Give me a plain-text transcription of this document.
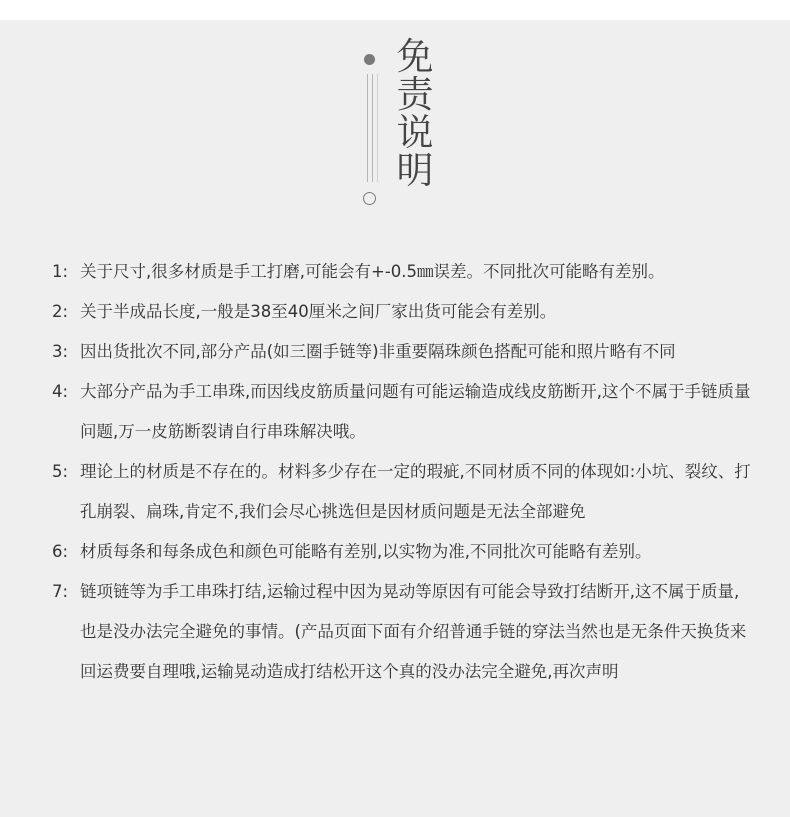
免
责
说
明
1: 关于尺寸,很多材质是手工打磨,可能会有+-0.5㎜误差。不同批次可能略有差别。
2: 关于半成品长度,一般是38至40厘米之间厂家出货可能会有差别。
3: 因出货批次不同,部分产品(如三圈手链等)非重要隔珠颜色搭配可能和照片略有不同
4: 大部分产品为手工串珠,而因线皮筋质量问题有可能运输造成线皮筋断开,这个不属于手链质量问题,万一皮筋断裂请自行串珠解决哦。
5: 理论上的材质是不存在的。材料多少存在一定的瑕疵,不同材质不同的体现如:小坑、裂纹、打孔崩裂、扁珠,肯定不,我们会尽心挑选但是因材质问题是无法全部避免
6: 材质每条和每条成色和颜色可能略有差别,以实物为准,不同批次可能略有差别。
7: 链项链等为手工串珠打结,运输过程中因为晃动等原因有可能会导致打结断开,这不属于质量,也是没办法完全避免的事情。(产品页面下面有介绍普通手链的穿法当然也是无条件天换货来回运费要自理哦,运输晃动造成打结松开这个真的没办法完全避免,再次声明
